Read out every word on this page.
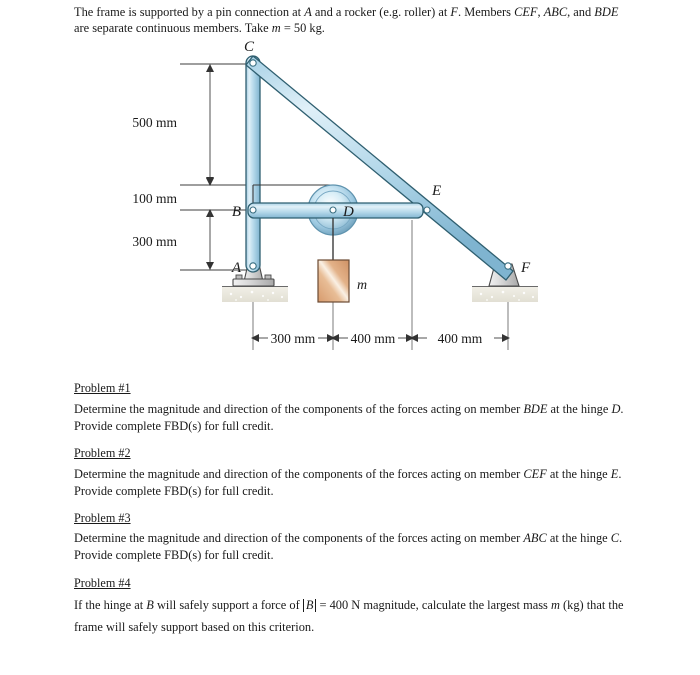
The frame is supported by a pin connection at A and a rocker (e.g. roller) at F. Members CEF, ABC, and BDE are separate continuous members. Take m = 50 kg.
500 mm
100 mm
300 mm
m
C
B	D
E
A	F
300 mm	400 mm	400 mm

Problem #1

Determine the magnitude and direction of the components of the forces acting on member BDE at the hinge D. Provide complete FBD(s) for full credit.

Problem #2

Determine the magnitude and direction of the components of the forces acting on member CEF at the hinge E. Provide complete FBD(s) for full credit.

Problem #3

Determine the magnitude and direction of the components of the forces acting on member ABC at the hinge C. Provide complete FBD(s) for full credit.

Problem #4

If the hinge at B will safely support a force of B = 400 N magnitude, calculate the largest mass m (kg) that the frame will safely support based on this criterion.
